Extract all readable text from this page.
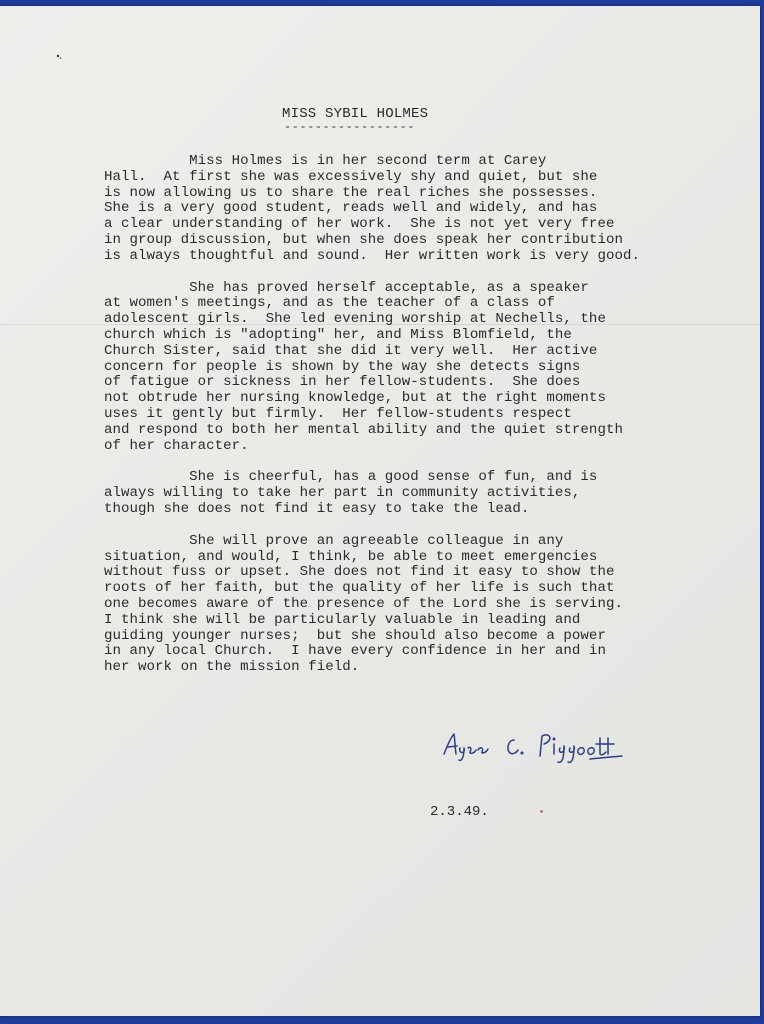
MISS SYBIL HOLMES
-----------------

Miss Holmes is in her second term at Carey
Hall.  At first she was excessively shy and quiet, but she
is now allowing us to share the real riches she possesses.
She is a very good student, reads well and widely, and has
a clear understanding of her work.  She is not yet very free
in group discussion, but when she does speak her contribution
is always thoughtful and sound.  Her written work is very good.

She has proved herself acceptable, as a speaker
at women's meetings, and as the teacher of a class of
adolescent girls.  She led evening worship at Nechells, the
church which is "adopting" her, and Miss Blomfield, the
Church Sister, said that she did it very well.  Her active
concern for people is shown by the way she detects signs
of fatigue or sickness in her fellow-students.  She does
not obtrude her nursing knowledge, but at the right moments
uses it gently but firmly.  Her fellow-students respect
and respond to both her mental ability and the quiet strength
of her character.

She is cheerful, has a good sense of fun, and is
always willing to take her part in community activities,
though she does not find it easy to take the lead.

She will prove an agreeable colleague in any
situation, and would, I think, be able to meet emergencies
without fuss or upset. She does not find it easy to show the
roots of her faith, but the quality of her life is such that
one becomes aware of the presence of the Lord she is serving.
I think she will be particularly valuable in leading and
guiding younger nurses;  but she should also become a power
in any local Church.  I have every confidence in her and in
her work on the mission field.

2.3.49.
